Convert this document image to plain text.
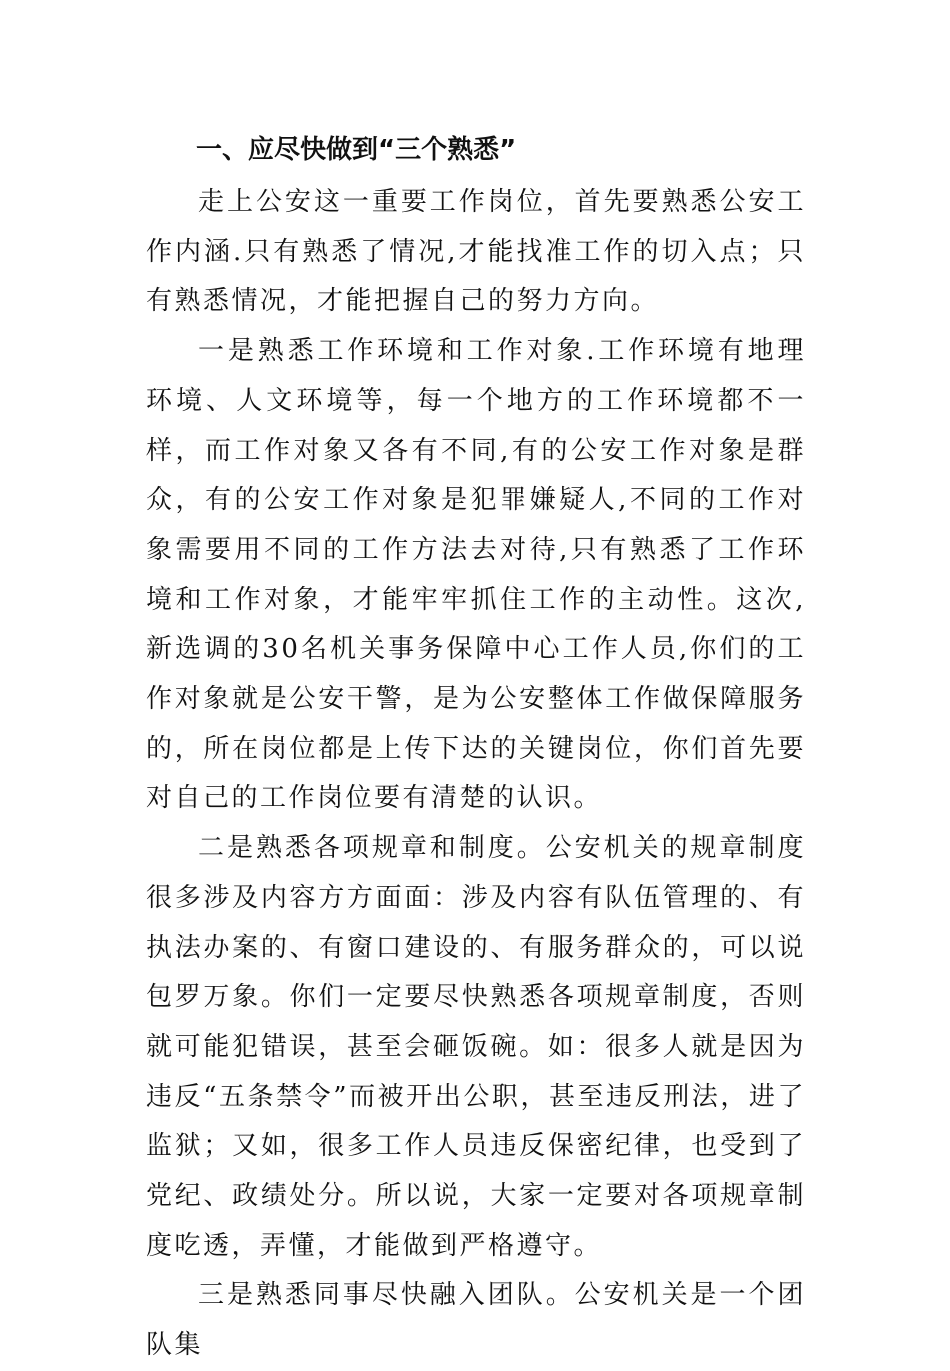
一、应尽快做到“三个熟悉”

走上公安这一重要工作岗位，首先要熟悉公安工作内涵.只有熟悉了情况,才能找准工作的切入点；只有熟悉情况，才能把握自己的努力方向。

一是熟悉工作环境和工作对象.工作环境有地理环境、人文环境等，每一个地方的工作环境都不一样，而工作对象又各有不同,有的公安工作对象是群众，有的公安工作对象是犯罪嫌疑人,不同的工作对象需要用不同的工作方法去对待,只有熟悉了工作环境和工作对象，才能牢牢抓住工作的主动性。这次,新选调的30名机关事务保障中心工作人员,你们的工作对象就是公安干警，是为公安整体工作做保障服务的，所在岗位都是上传下达的关键岗位，你们首先要对自己的工作岗位要有清楚的认识。

二是熟悉各项规章和制度。公安机关的规章制度很多涉及内容方方面面：涉及内容有队伍管理的、有执法办案的、有窗口建设的、有服务群众的，可以说包罗万象。你们一定要尽快熟悉各项规章制度，否则就可能犯错误，甚至会砸饭碗。如：很多人就是因为违反“五条禁令”而被开出公职，甚至违反刑法，进了监狱；又如，很多工作人员违反保密纪律，也受到了党纪、政绩处分。所以说，大家一定要对各项规章制度吃透，弄懂，才能做到严格遵守。

三是熟悉同事尽快融入团队。公安机关是一个团队集
